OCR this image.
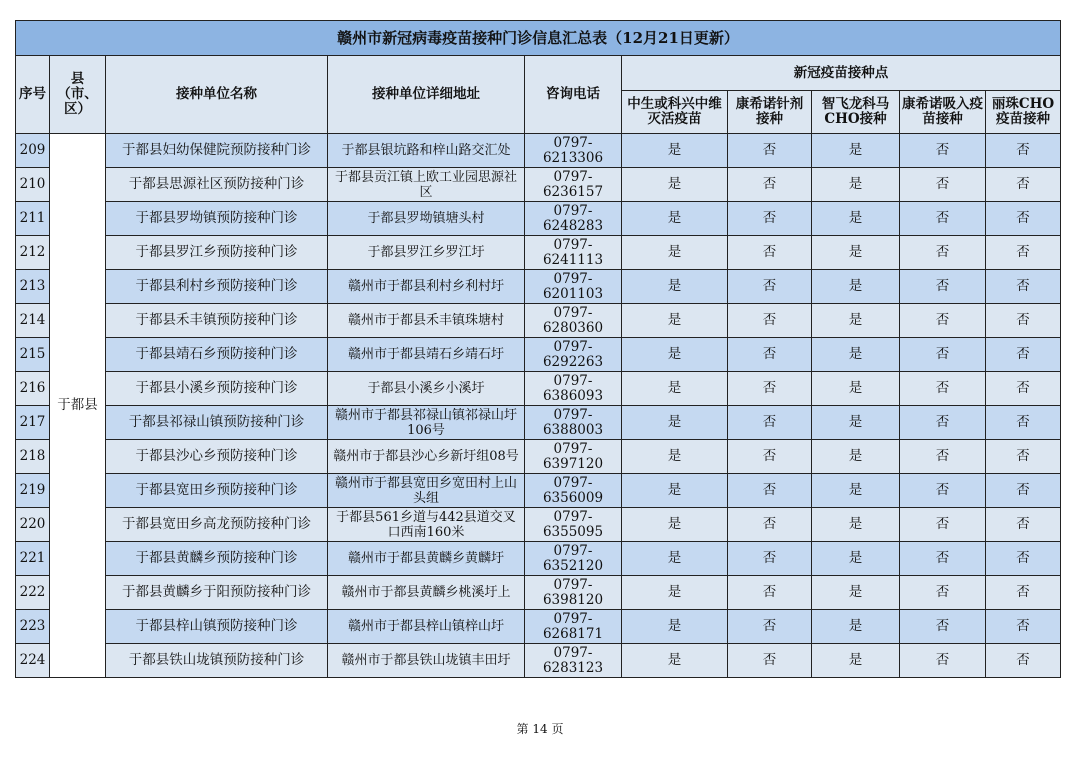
赣州市新冠病毒疫苗接种门诊信息汇总表（12月21日更新）									
序号	县（市、区）	接种单位名称	接种单位详细地址	咨询电话	新冠疫苗接种点				
					中生或科兴中维灭活疫苗	康希诺针剂接种	智飞龙科马CHO接种	康希诺吸入疫苗接种	丽珠CHO疫苗接种
209	于都县	于都县妇幼保健院预防接种门诊	于都县银坑路和梓山路交汇处	0797-6213306	是	否	是	否	否
210		于都县思源社区预防接种门诊	于都县贡江镇上欧工业园思源社区	0797-6236157	是	否	是	否	否
211		于都县罗坳镇预防接种门诊	于都县罗坳镇塘头村	0797-6248283	是	否	是	否	否
212		于都县罗江乡预防接种门诊	于都县罗江乡罗江圩	0797-6241113	是	否	是	否	否
213		于都县利村乡预防接种门诊	赣州市于都县利村乡利村圩	0797-6201103	是	否	是	否	否
214		于都县禾丰镇预防接种门诊	赣州市于都县禾丰镇珠塘村	0797-6280360	是	否	是	否	否
215		于都县靖石乡预防接种门诊	赣州市于都县靖石乡靖石圩	0797-6292263	是	否	是	否	否
216		于都县小溪乡预防接种门诊	于都县小溪乡小溪圩	0797-6386093	是	否	是	否	否
217		于都县祁禄山镇预防接种门诊	赣州市于都县祁禄山镇祁禄山圩106号	0797-6388003	是	否	是	否	否
218		于都县沙心乡预防接种门诊	赣州市于都县沙心乡新圩组08号	0797-6397120	是	否	是	否	否
219		于都县宽田乡预防接种门诊	赣州市于都县宽田乡宽田村上山头组	0797-6356009	是	否	是	否	否
220		于都县宽田乡高龙预防接种门诊	于都县561乡道与442县道交叉口西南160米	0797-6355095	是	否	是	否	否
221		于都县黄麟乡预防接种门诊	赣州市于都县黄麟乡黄麟圩	0797-6352120	是	否	是	否	否
222		于都县黄麟乡于阳预防接种门诊	赣州市于都县黄麟乡桃溪圩上	0797-6398120	是	否	是	否	否
223		于都县梓山镇预防接种门诊	赣州市于都县梓山镇梓山圩	0797-6268171	是	否	是	否	否
224		于都县铁山垅镇预防接种门诊	赣州市于都县铁山垅镇丰田圩	0797-6283123	是	否	是	否	否
第 14 页
